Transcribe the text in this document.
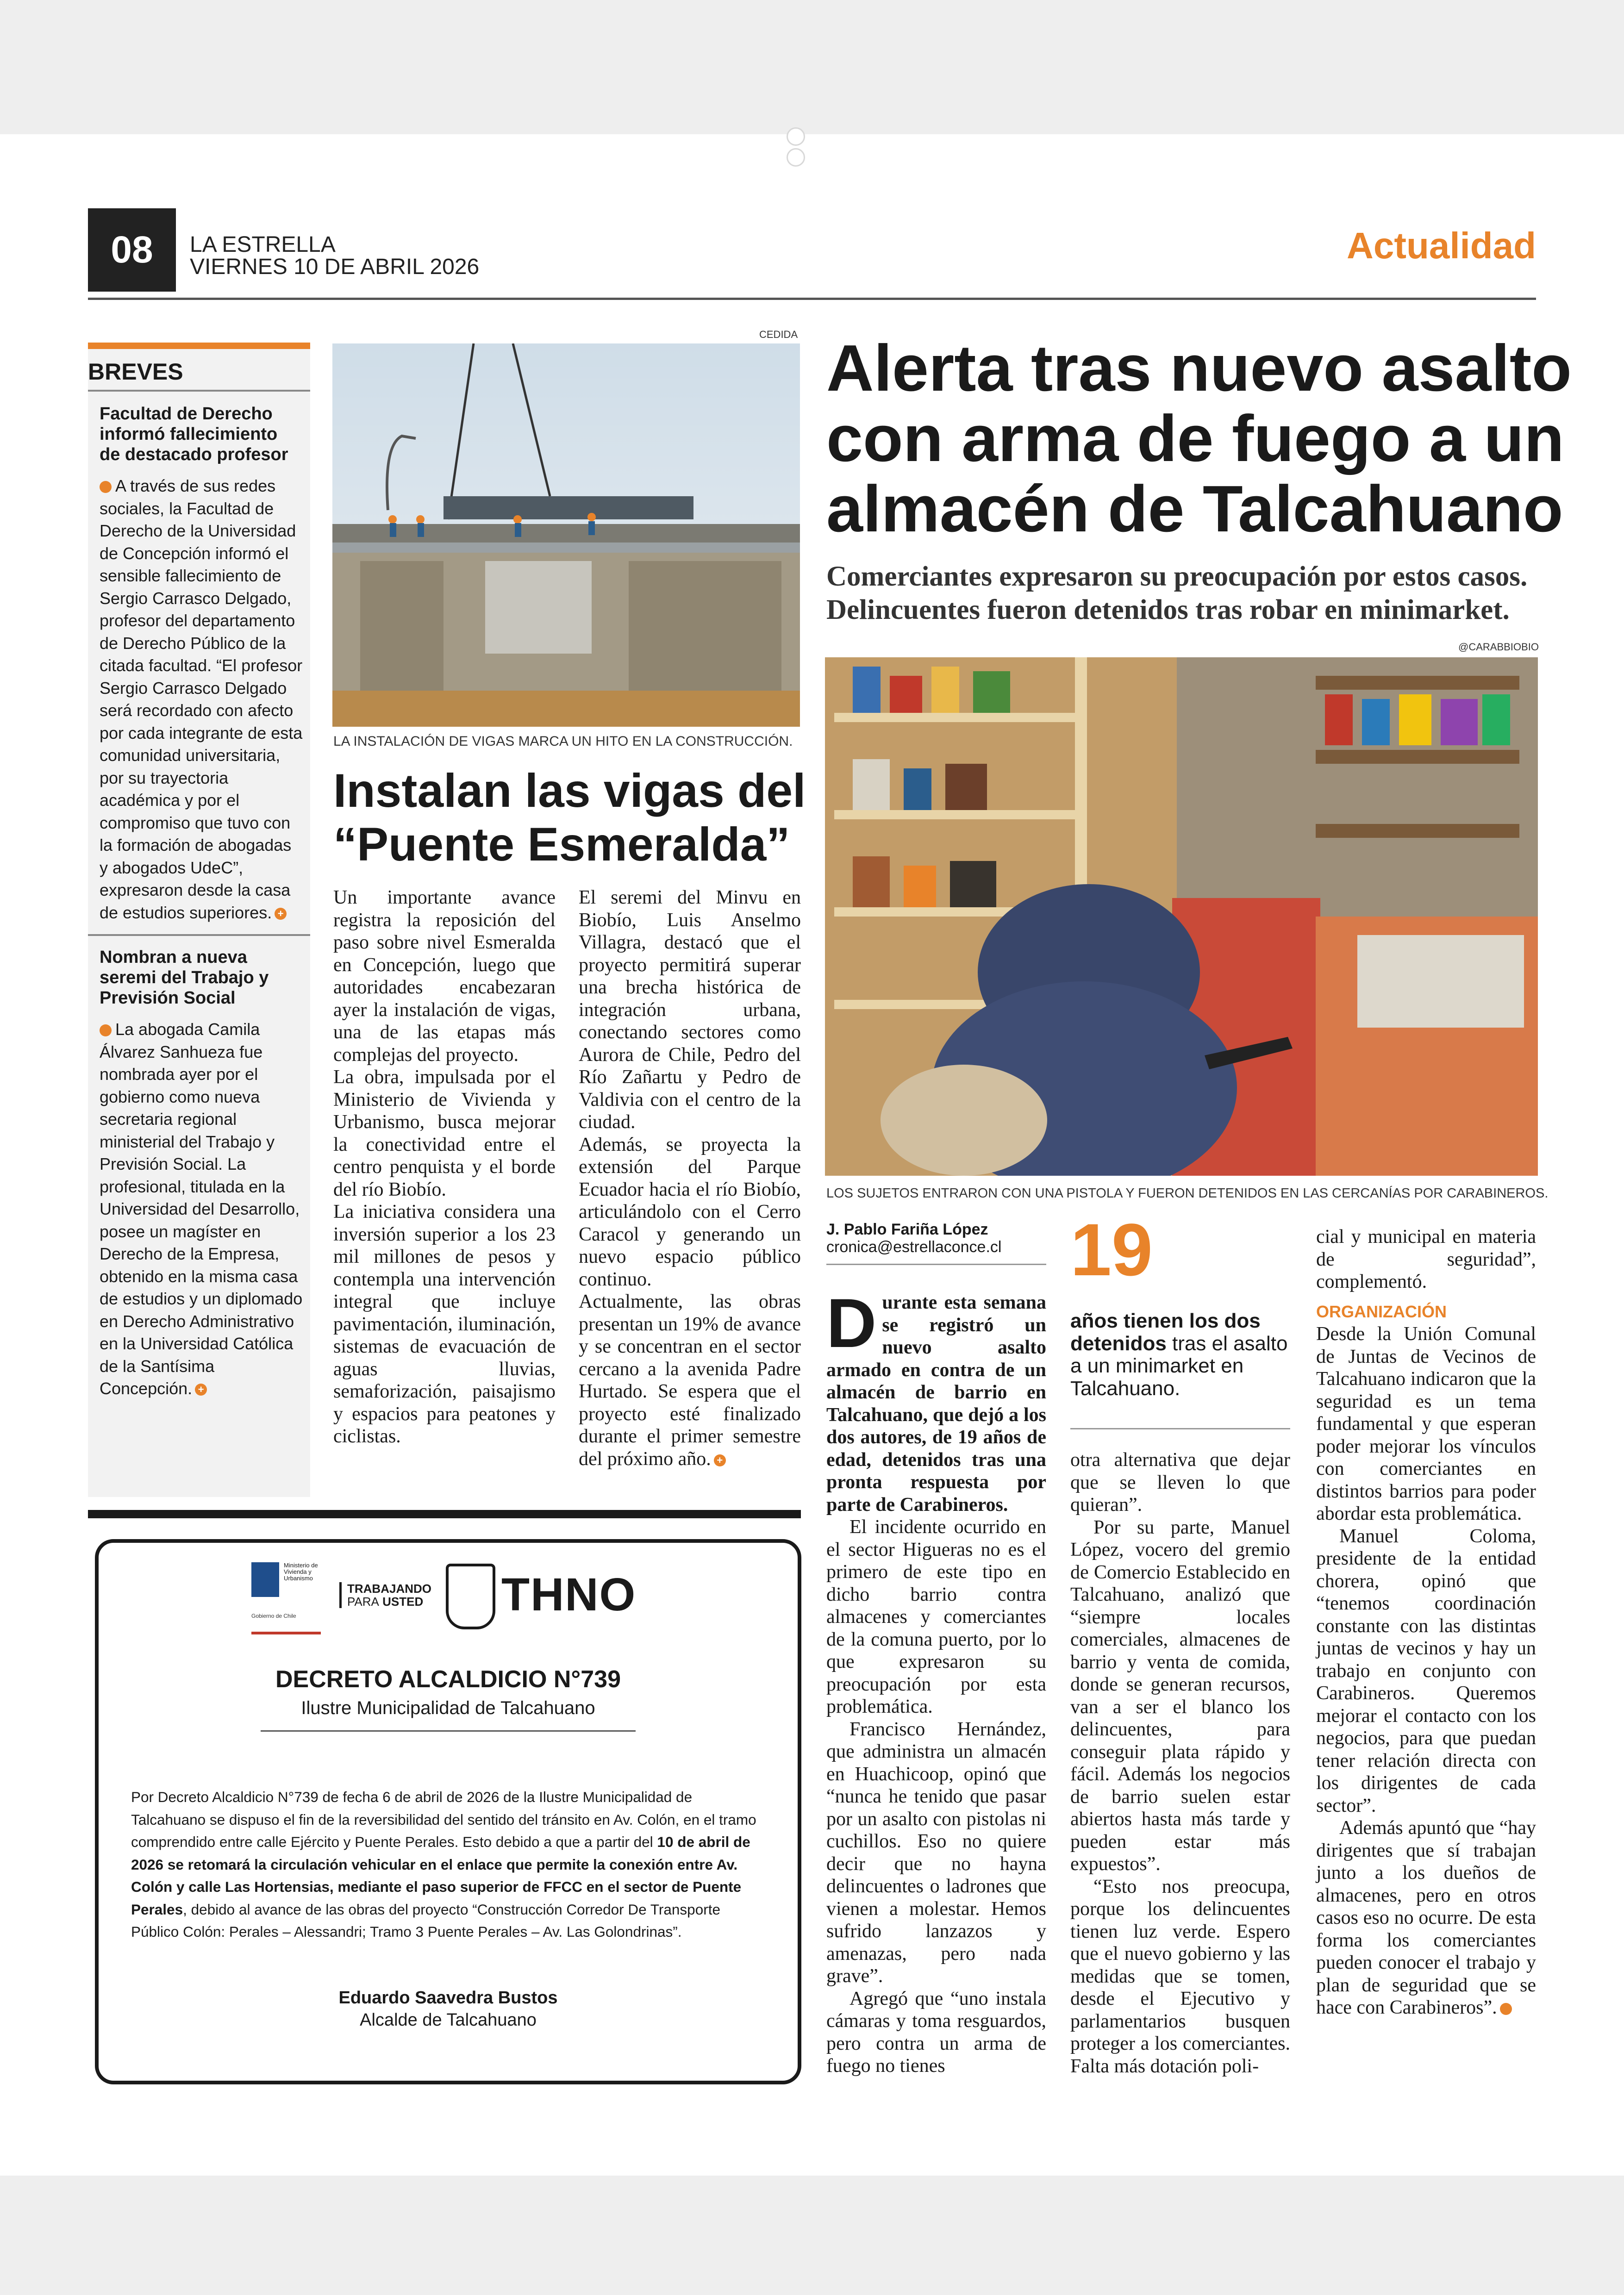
08	LA ESTRELLA
VIERNES 10 DE ABRIL 2026
Actualidad
BREVES
Facultad de Derecho informó fallecimiento de destacado profesor
A través de sus redes sociales, la Facultad de Derecho de la Universidad de Concepción informó el sensible fallecimiento de Sergio Carrasco Delgado, profesor del departamento de Derecho Público de la citada facultad. “El profesor Sergio Carrasco Delgado será recordado con afecto por cada integrante de esta comunidad universitaria, por su trayectoria académica y por el compromiso que tuvo con la formación de abogadas y abogados UdeC”, expresaron desde la casa de estudios superiores. +
Nombran a nueva seremi del Trabajo y Previsión Social
La abogada Camila Álvarez Sanhueza fue nombrada ayer por el gobierno como nueva secretaria regional ministerial del Trabajo y Previsión Social. La profesional, titulada en la Universidad del Desarrollo, posee un magíster en Derecho de la Empresa, obtenido en la misma casa de estudios y un diplomado en Derecho Administrativo en la Universidad Católica de la Santísima Concepción. +
CEDIDA
LA INSTALACIÓN DE VIGAS MARCA UN HITO EN LA CONSTRUCCIÓN.
Instalan las vigas del
“Puente Esmeralda”

Un importante avance registra la reposición del paso sobre nivel Esmeralda en Concepción, luego que autoridades encabezaran ayer la instalación de vigas, una de las etapas más complejas del proyecto.

La obra, impulsada por el Ministerio de Vivienda y Urbanismo, busca mejorar la conectividad entre el centro penquista y el borde del río Biobío.

La iniciativa considera una inversión superior a los 23 mil millones de pesos y contempla una intervención integral que incluye pavimentación, iluminación, sistemas de evacuación de aguas lluvias, semaforización, paisajismo y espacios para peatones y ciclistas.

El seremi del Minvu en Biobío, Luis Anselmo Villagra, destacó que el proyecto permitirá superar una brecha histórica de integración urbana, conectando sectores como Aurora de Chile, Pedro del Río Zañartu y Pedro de Valdivia con el centro de la ciudad.

Además, se proyecta la extensión del Parque Ecuador hacia el río Biobío, articulándolo con el Cerro Caracol y generando un nuevo espacio público continuo.

Actualmente, las obras presentan un 19% de avance y se concentran en el sector cercano a la avenida Padre Hurtado. Se espera que el proyecto esté finalizado durante el primer semestre del próximo año. +

Ministerio de
Vivienda y
Urbanismo
Gobierno de Chile
TRABAJANDO
PARA USTED THNO
DECRETO ALCALDICIO N°739
Ilustre Municipalidad de Talcahuano
Por Decreto Alcaldicio N°739 de fecha 6 de abril de 2026 de la Ilustre Municipalidad de Talcahuano se dispuso el fin de la reversibilidad del sentido del tránsito en Av. Colón, en el tramo comprendido entre calle Ejército y Puente Perales. Esto debido a que a partir del 10 de abril de 2026 se retomará la circulación vehicular en el enlace que permite la conexión entre Av. Colón y calle Las Hortensias, mediante el paso superior de FFCC en el sector de Puente Perales, debido al avance de las obras del proyecto “Construcción Corredor De Transporte Público Colón: Perales – Alessandri; Tramo 3 Puente Perales – Av. Las Golondrinas”.
Eduardo Saavedra Bustos
Alcalde de Talcahuano
Alerta tras nuevo asalto
con arma de fuego a un
almacén de Talcahuano
Comerciantes expresaron su preocupación por estos casos.
Delincuentes fueron detenidos tras robar en minimarket.
@CARABBIOBIO
LOS SUJETOS ENTRARON CON UNA PISTOLA Y FUERON DETENIDOS EN LAS CERCANÍAS POR CARABINEROS.
J. Pablo Fariña López
cronica@estrellaconce.cl

Durante esta semana se registró un nuevo asalto armado en contra de un almacén de barrio en Talcahuano, que dejó a los dos autores, de 19 años de edad, detenidos tras una pronta respuesta por parte de Carabineros.

El incidente ocurrido en el sector Higueras no es el primero de este tipo en dicho barrio contra almacenes y comerciantes de la comuna puerto, por lo que expresaron su preocupación por esta problemática.

Francisco Hernández, que administra un almacén en Huachicoop, opinó que “nunca he tenido que pasar por un asalto con pistolas ni cuchillos. Eso no quiere decir que no hayna delincuentes o ladrones que vienen a molestar. Hemos sufrido lanzazos y amenazas, pero nada grave”.

Agregó que “uno instala cámaras y toma resguardos, pero contra un arma de fuego no tienes

19
años tienen los dos detenidos tras el asalto a un minimarket en Talcahuano.

otra alternativa que dejar que se lleven lo que quieran”.

Por su parte, Manuel López, vocero del gremio de Comercio Establecido en Talcahuano, analizó que “siempre locales comerciales, almacenes de barrio y venta de comida, donde se generan recursos, van a ser el blanco los delincuentes, para conseguir plata rápido y fácil. Además los negocios de barrio suelen estar abiertos hasta más tarde y pueden estar más expuestos”.

“Esto nos preocupa, porque los delincuentes tienen luz verde. Espero que el nuevo gobierno y las medidas que se tomen, desde el Ejecutivo y parlamentarios busquen proteger a los comerciantes. Falta más dotación poli-

cial y municipal en materia de seguridad”, complementó.

ORGANIZACIÓN

Desde la Unión Comunal de Juntas de Vecinos de Talcahuano indicaron que la seguridad es un tema fundamental y que esperan poder mejorar los vínculos con comerciantes en distintos barrios para poder abordar esta problemática.

Manuel Coloma, presidente de la entidad chorera, opinó que “tenemos coordinación constante con las distintas juntas de vecinos y hay un trabajo en conjunto con Carabineros. Queremos mejorar el contacto con los negocios, para que puedan tener relación directa con los dirigentes de cada sector”.

Además apuntó que “hay dirigentes que sí trabajan junto a los dueños de almacenes, pero en otros casos eso no ocurre. De esta forma los comerciantes pueden conocer el trabajo y plan de seguridad que se hace con Carabineros”.	+
